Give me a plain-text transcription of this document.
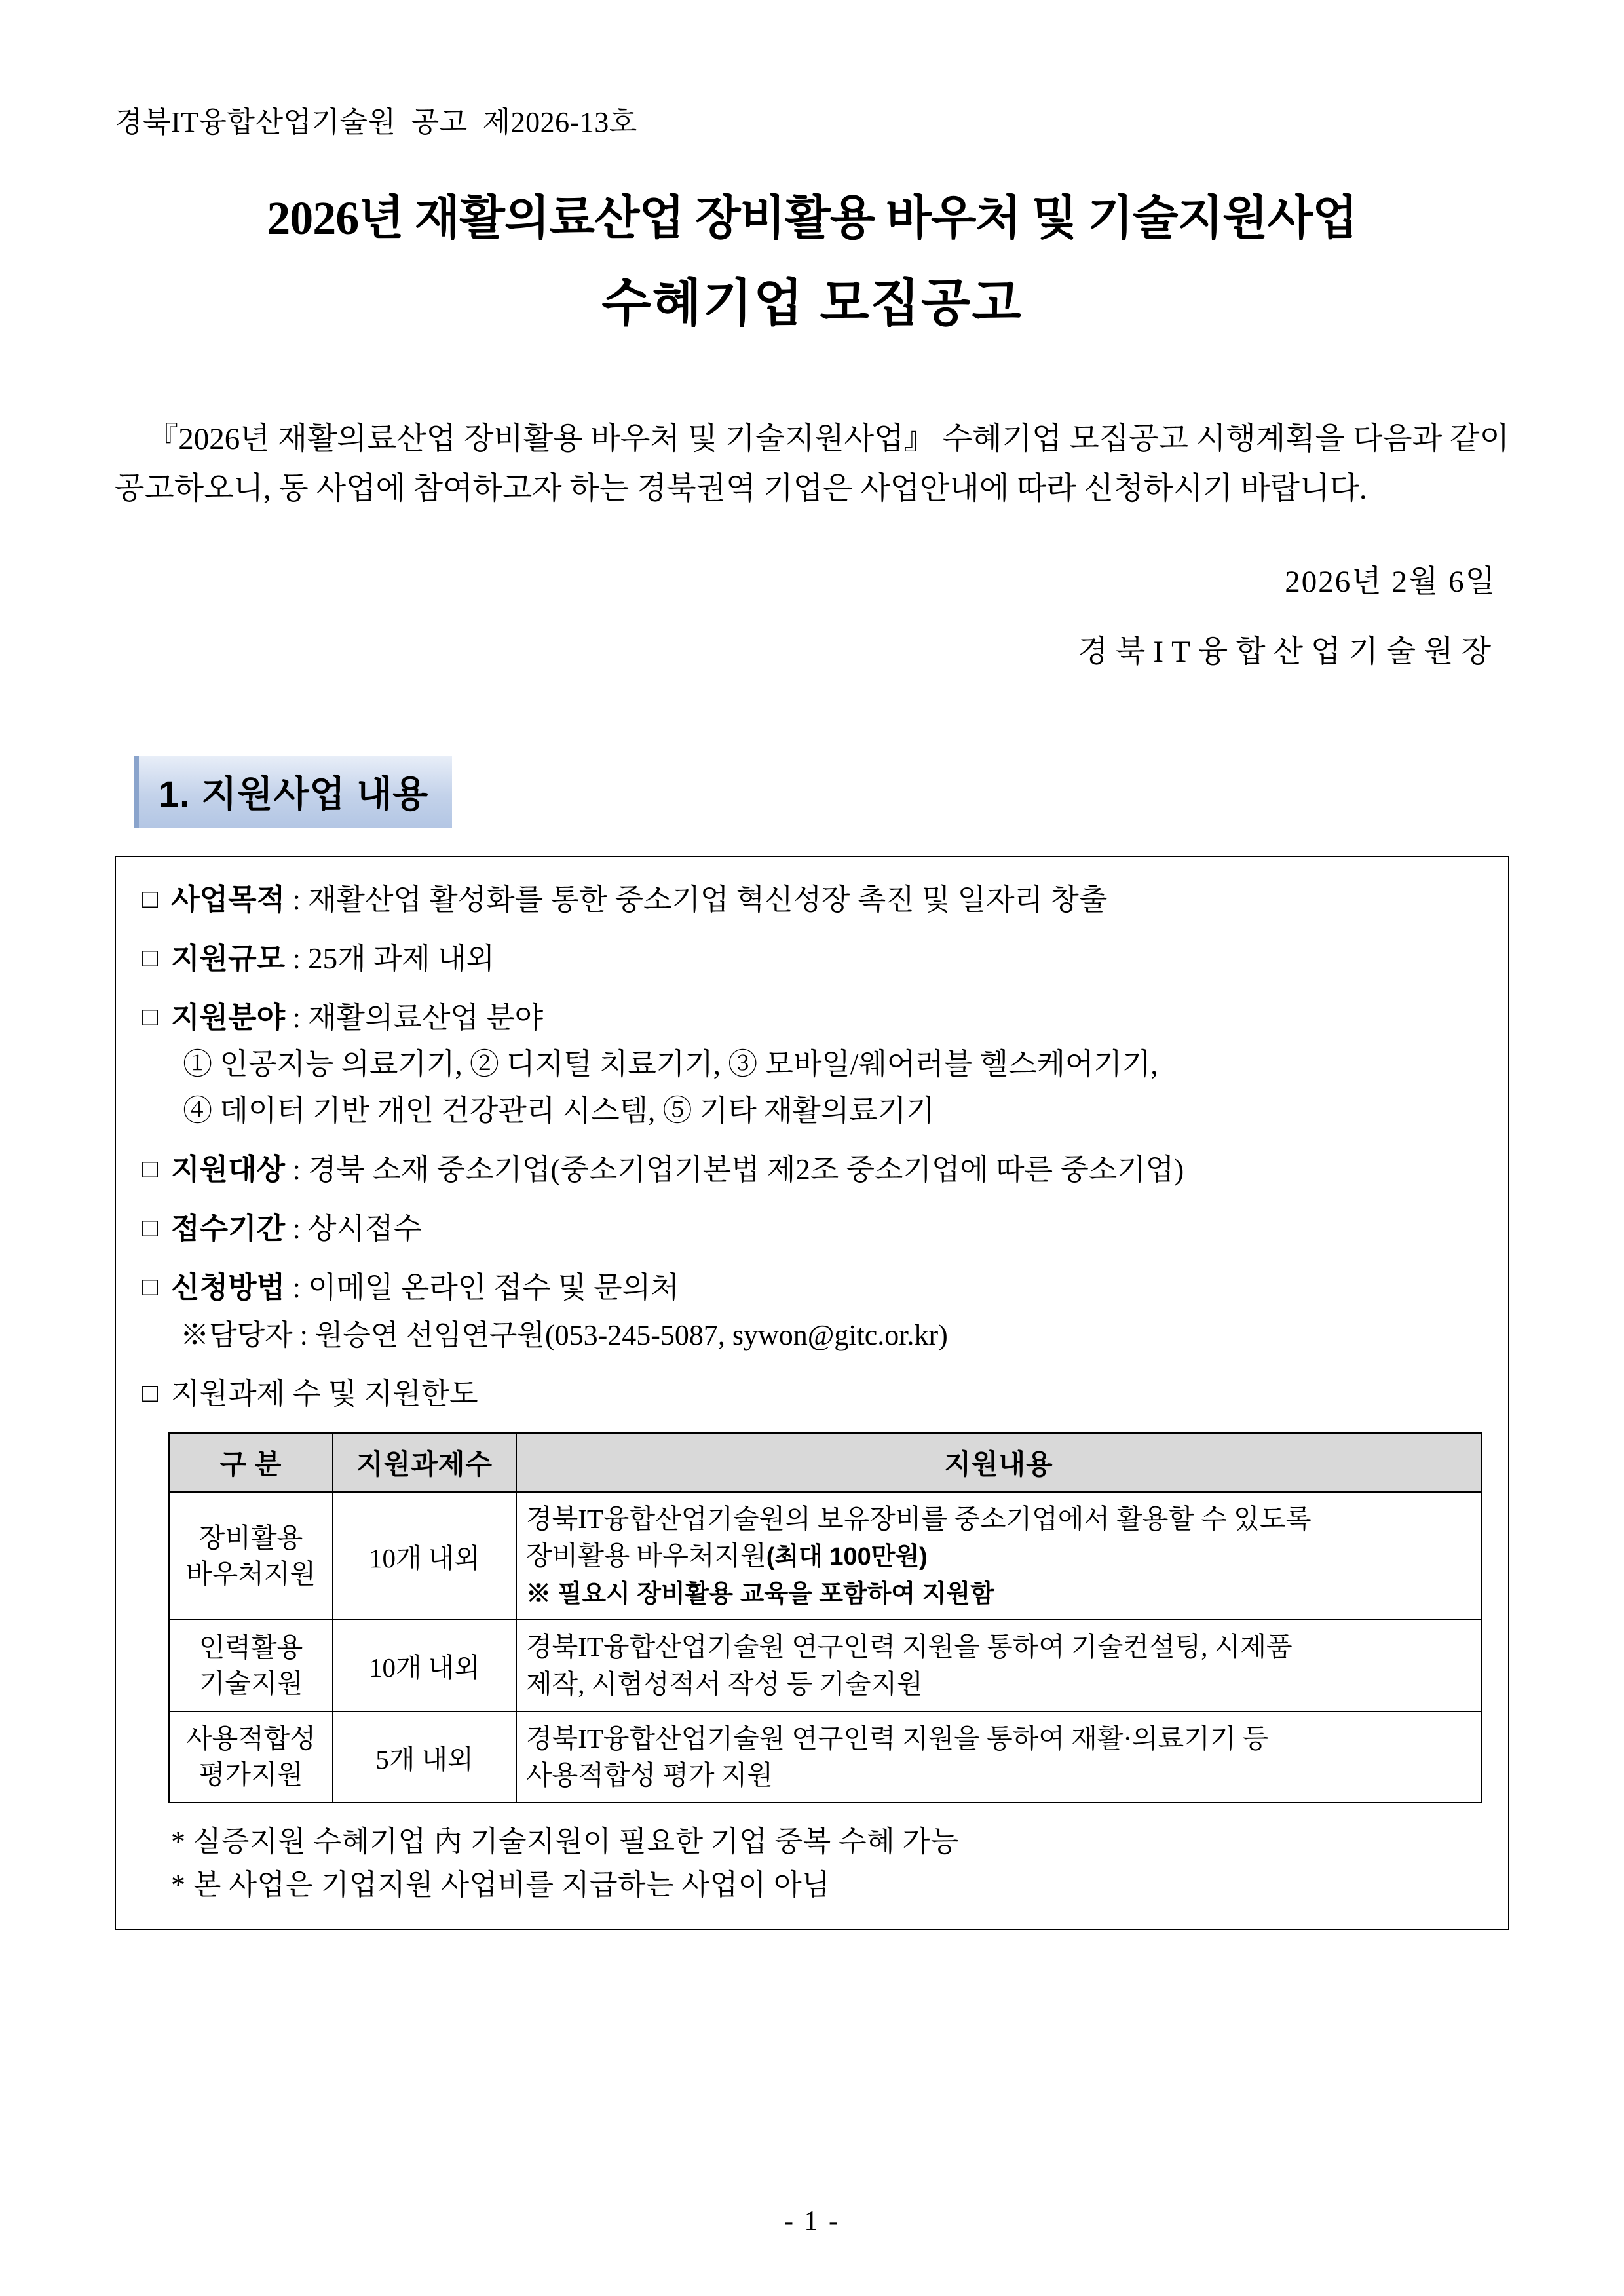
경북IT융합산업기술원  공고  제2026-13호
2026년 재활의료산업 장비활용 바우처 및 기술지원사업
수혜기업 모집공고
『2026년 재활의료산업 장비활용 바우처 및 기술지원사업』 수혜기업 모집공고 시행계획을 다음과 같이 공고하오니, 동 사업에 참여하고자 하는 경북권역 기업은 사업안내에 따라 신청하시기 바랍니다.
2026년 2월 6일
경북IT융합산업기술원장
1. 지원사업 내용
□ 사업목적 : 재활산업 활성화를 통한 중소기업 혁신성장 촉진 및 일자리 창출
□ 지원규모 : 25개 과제 내외
□ 지원분야 : 재활의료산업 분야
① 인공지능 의료기기, ② 디지털 치료기기, ③ 모바일/웨어러블 헬스케어기기,
④ 데이터 기반 개인 건강관리 시스템, ⑤ 기타 재활의료기기
□ 지원대상 : 경북 소재 중소기업(중소기업기본법 제2조 중소기업에 따른 중소기업)
□ 접수기간 : 상시접수
□ 신청방법 : 이메일 온라인 접수 및 문의처
※담당자 : 원승연 선임연구원(053-245-5087, sywon@gitc.or.kr)
□ 지원과제 수 및 지원한도
구 분	지원과제수	지원내용

장비활용
바우처지원
	10개 내외	
경북IT융합산업기술원의 보유장비를 중소기업에서 활용할 수 있도록
장비활용 바우처지원(최대 100만원)
※ 필요시 장비활용 교육을 포함하여 지원함

인력활용
기술지원
	10개 내외	
경북IT융합산업기술원 연구인력 지원을 통하여 기술컨설팅, 시제품
제작, 시험성적서 작성 등 기술지원

사용적합성
평가지원
	5개 내외	
경북IT융합산업기술원 연구인력 지원을 통하여 재활·의료기기 등
사용적합성 평가 지원
* 실증지원 수혜기업 內 기술지원이 필요한 기업 중복 수혜 가능
* 본 사업은 기업지원 사업비를 지급하는 사업이 아님
- 1 -
